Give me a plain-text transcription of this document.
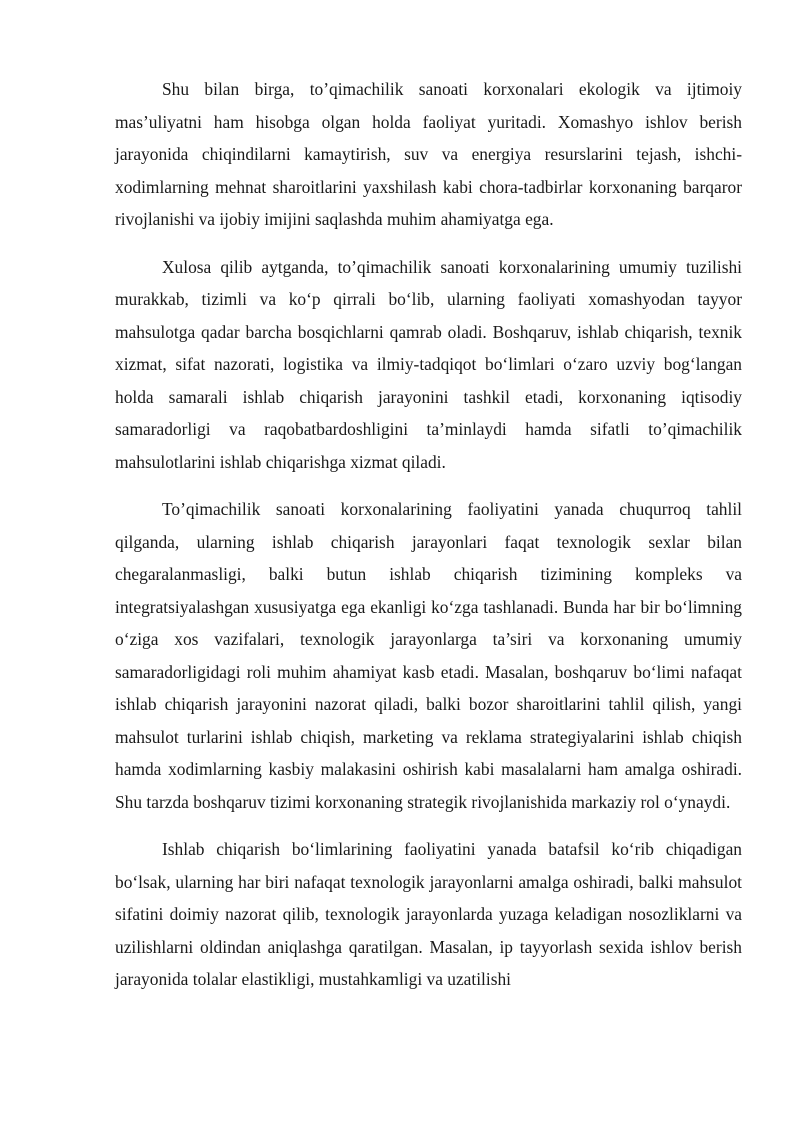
Shu bilan birga, to’qimachilik sanoati korxonalari ekologik va ijtimoiy mas’uliyatni ham hisobga olgan holda faoliyat yuritadi. Xomashyo ishlov berish jarayonida chiqindilarni kamaytirish, suv va energiya resurslarini tejash, ishchi-xodimlarning mehnat sharoitlarini yaxshilash kabi chora-tadbirlar korxonaning barqaror rivojlanishi va ijobiy imijini saqlashda muhim ahamiyatga ega.

Xulosa qilib aytganda, to’qimachilik sanoati korxonalarining umumiy tuzilishi murakkab, tizimli va ko‘p qirrali bo‘lib, ularning faoliyati xomashyodan tayyor mahsulotga qadar barcha bosqichlarni qamrab oladi. Boshqaruv, ishlab chiqarish, texnik xizmat, sifat nazorati, logistika va ilmiy-tadqiqot bo‘limlari o‘zaro uzviy bog‘langan holda samarali ishlab chiqarish jarayonini tashkil etadi, korxonaning iqtisodiy samaradorligi va raqobatbardoshligini ta’minlaydi hamda sifatli to’qimachilik mahsulotlarini ishlab chiqarishga xizmat qiladi.

To’qimachilik sanoati korxonalarining faoliyatini yanada chuqurroq tahlil qilganda, ularning ishlab chiqarish jarayonlari faqat texnologik sexlar bilan chegaralanmasligi, balki butun ishlab chiqarish tizimining kompleks va integratsiyalashgan xususiyatga ega ekanligi ko‘zga tashlanadi. Bunda har bir bo‘limning o‘ziga xos vazifalari, texnologik jarayonlarga ta’siri va korxonaning umumiy samaradorligidagi roli muhim ahamiyat kasb etadi. Masalan, boshqaruv bo‘limi nafaqat ishlab chiqarish jarayonini nazorat qiladi, balki bozor sharoitlarini tahlil qilish, yangi mahsulot turlarini ishlab chiqish, marketing va reklama strategiyalarini ishlab chiqish hamda xodimlarning kasbiy malakasini oshirish kabi masalalarni ham amalga oshiradi. Shu tarzda boshqaruv tizimi korxonaning strategik rivojlanishida markaziy rol o‘ynaydi.

Ishlab chiqarish bo‘limlarining faoliyatini yanada batafsil ko‘rib chiqadigan bo‘lsak, ularning har biri nafaqat texnologik jarayonlarni amalga oshiradi, balki mahsulot sifatini doimiy nazorat qilib, texnologik jarayonlarda yuzaga keladigan nosozliklarni va uzilishlarni oldindan aniqlashga qaratilgan. Masalan, ip tayyorlash sexida ishlov berish jarayonida tolalar elastikligi, mustahkamligi va uzatilishi
